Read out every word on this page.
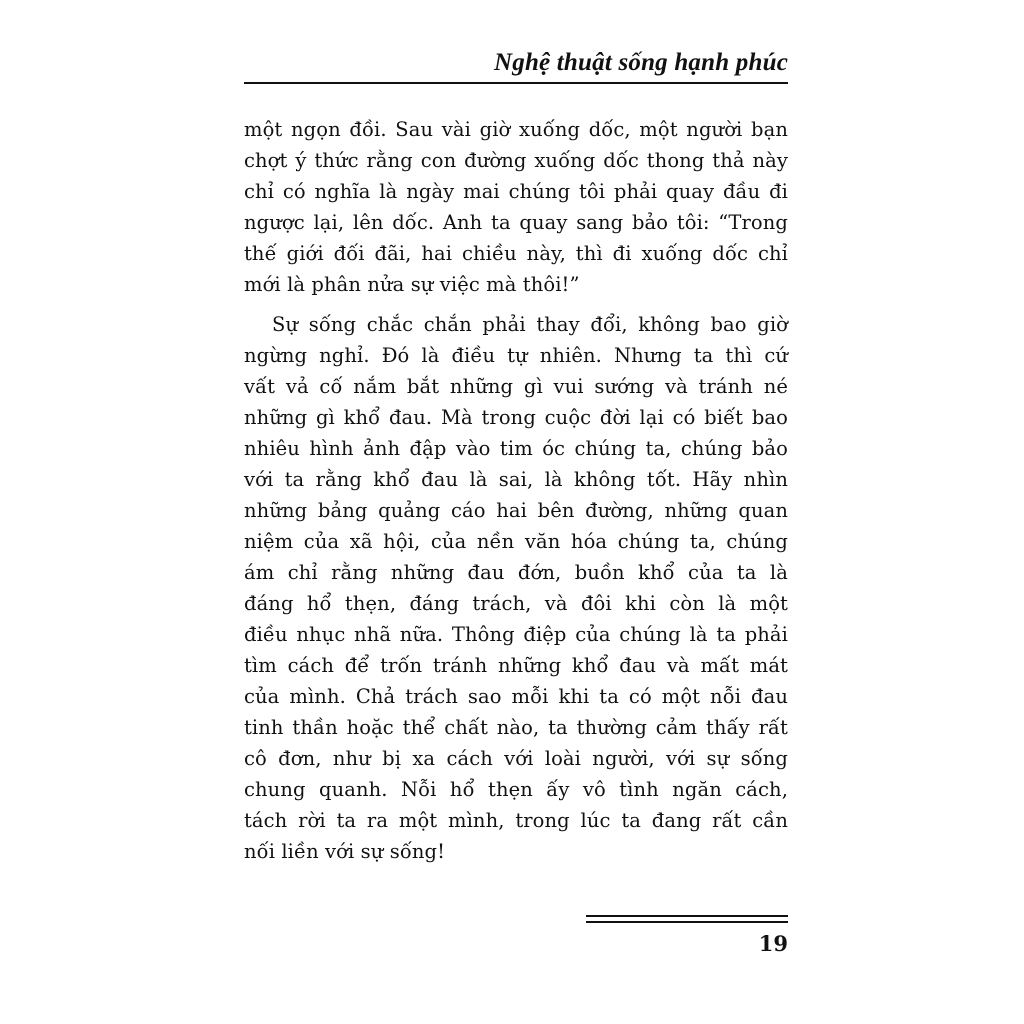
Nghệ thuật sống hạnh phúc
một ngọn đồi. Sau vài giờ xuống dốc, một người bạn
chợt ý thức rằng con đường xuống dốc thong thả này
chỉ có nghĩa là ngày mai chúng tôi phải quay đầu đi
ngược lại, lên dốc. Anh ta quay sang bảo tôi: “Trong
thế giới đối đãi, hai chiều này, thì đi xuống dốc chỉ
mới là phân nửa sự việc mà thôi!”
Sự sống chắc chắn phải thay đổi, không bao giờ
ngừng nghỉ. Đó là điều tự nhiên. Nhưng ta thì cứ
vất vả cố nắm bắt những gì vui sướng và tránh né
những gì khổ đau. Mà trong cuộc đời lại có biết bao
nhiêu hình ảnh đập vào tim óc chúng ta, chúng bảo
với ta rằng khổ đau là sai, là không tốt. Hãy nhìn
những bảng quảng cáo hai bên đường, những quan
niệm của xã hội, của nền văn hóa chúng ta, chúng
ám chỉ rằng những đau đớn, buồn khổ của ta là
đáng hổ thẹn, đáng trách, và đôi khi còn là một
điều nhục nhã nữa. Thông điệp của chúng là ta phải
tìm cách để trốn tránh những khổ đau và mất mát
của mình. Chả trách sao mỗi khi ta có một nỗi đau
tinh thần hoặc thể chất nào, ta thường cảm thấy rất
cô đơn, như bị xa cách với loài người, với sự sống
chung quanh. Nỗi hổ thẹn ấy vô tình ngăn cách,
tách rời ta ra một mình, trong lúc ta đang rất cần
nối liền với sự sống!
19
